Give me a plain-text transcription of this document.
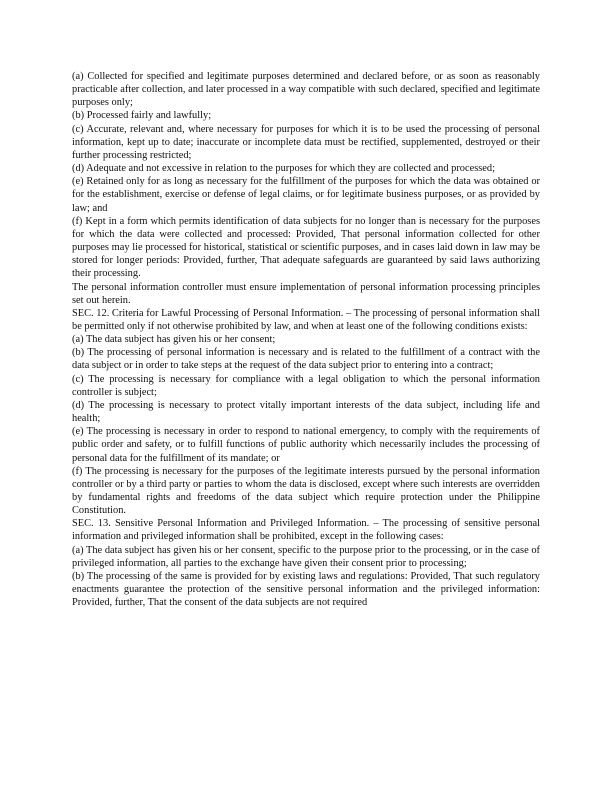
(a) Collected for specified and legitimate purposes determined and declared before, or as soon as reasonably practicable after collection, and later processed in a way compatible with such declared, specified and legitimate purposes only;

(b) Processed fairly and lawfully;

(c) Accurate, relevant and, where necessary for purposes for which it is to be used the processing of personal information, kept up to date; inaccurate or incomplete data must be rectified, supplemented, destroyed or their further processing restricted;

(d) Adequate and not excessive in relation to the purposes for which they are collected and processed;

(e) Retained only for as long as necessary for the fulfillment of the purposes for which the data was obtained or for the establishment, exercise or defense of legal claims, or for legitimate business purposes, or as provided by law; and

(f) Kept in a form which permits identification of data subjects for no longer than is necessary for the purposes for which the data were collected and processed: Provided, That personal information collected for other purposes may lie processed for historical, statistical or scientific purposes, and in cases laid down in law may be stored for longer periods: Provided, further, That adequate safeguards are guaranteed by said laws authorizing their processing.

The personal information controller must ensure implementation of personal information processing principles set out herein.

SEC. 12. Criteria for Lawful Processing of Personal Information. – The processing of personal information shall be permitted only if not otherwise prohibited by law, and when at least one of the following conditions exists:

(a) The data subject has given his or her consent;

(b) The processing of personal information is necessary and is related to the fulfillment of a contract with the data subject or in order to take steps at the request of the data subject prior to entering into a contract;

(c) The processing is necessary for compliance with a legal obligation to which the personal information controller is subject;

(d) The processing is necessary to protect vitally important interests of the data subject, including life and health;

(e) The processing is necessary in order to respond to national emergency, to comply with the requirements of public order and safety, or to fulfill functions of public authority which necessarily includes the processing of personal data for the fulfillment of its mandate; or

(f) The processing is necessary for the purposes of the legitimate interests pursued by the personal information controller or by a third party or parties to whom the data is disclosed, except where such interests are overridden by fundamental rights and freedoms of the data subject which require protection under the Philippine Constitution.

SEC. 13. Sensitive Personal Information and Privileged Information. – The processing of sensitive personal information and privileged information shall be prohibited, except in the following cases:

(a) The data subject has given his or her consent, specific to the purpose prior to the processing, or in the case of privileged information, all parties to the exchange have given their consent prior to processing;

(b) The processing of the same is provided for by existing laws and regulations: Provided, That such regulatory enactments guarantee the protection of the sensitive personal information and the privileged information: Provided, further, That the consent of the data subjects are not required
